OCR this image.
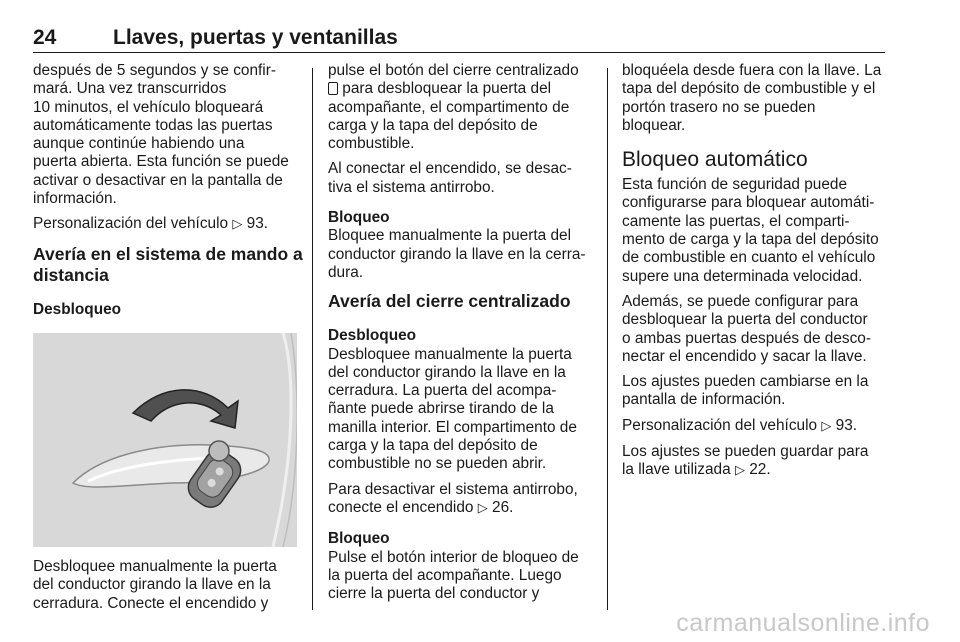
24	Llaves, puertas y ventanillas

después de 5 segundos y se confir-
mará. Una vez transcurridos
10 minutos, el vehículo bloqueará
automáticamente todas las puertas
aunque continúe habiendo una
puerta abierta. Esta función se puede
activar o desactivar en la pantalla de
información.

Personalización del vehículo ▷ 93.

Avería en el sistema de mando a
distancia
Desbloqueo

Desbloquee manualmente la puerta
del conductor girando la llave en la
cerradura. Conecte el encendido y

pulse el botón del cierre centralizado
para desbloquear la puerta del
acompañante, el compartimento de
carga y la tapa del depósito de
combustible.

Al conectar el encendido, se desac-
tiva el sistema antirrobo.

Bloqueo

Bloquee manualmente la puerta del
conductor girando la llave en la cerra-
dura.

Avería del cierre centralizado
Desbloqueo

Desbloquee manualmente la puerta
del conductor girando la llave en la
cerradura. La puerta del acompa-
ñante puede abrirse tirando de la
manilla interior. El compartimento de
carga y la tapa del depósito de
combustible no se pueden abrir.

Para desactivar el sistema antirrobo,
conecte el encendido ▷ 26.

Bloqueo

Pulse el botón interior de bloqueo de
la puerta del acompañante. Luego
cierre la puerta del conductor y

bloquéela desde fuera con la llave. La
tapa del depósito de combustible y el
portón trasero no se pueden
bloquear.

Bloqueo automático

Esta función de seguridad puede
configurarse para bloquear automáti-
camente las puertas, el comparti-
mento de carga y la tapa del depósito
de combustible en cuanto el vehículo
supere una determinada velocidad.

Además, se puede configurar para
desbloquear la puerta del conductor
o ambas puertas después de desco-
nectar el encendido y sacar la llave.

Los ajustes pueden cambiarse en la
pantalla de información.

Personalización del vehículo ▷ 93.

Los ajustes se pueden guardar para
la llave utilizada ▷ 22.

carmanualsonline.info
